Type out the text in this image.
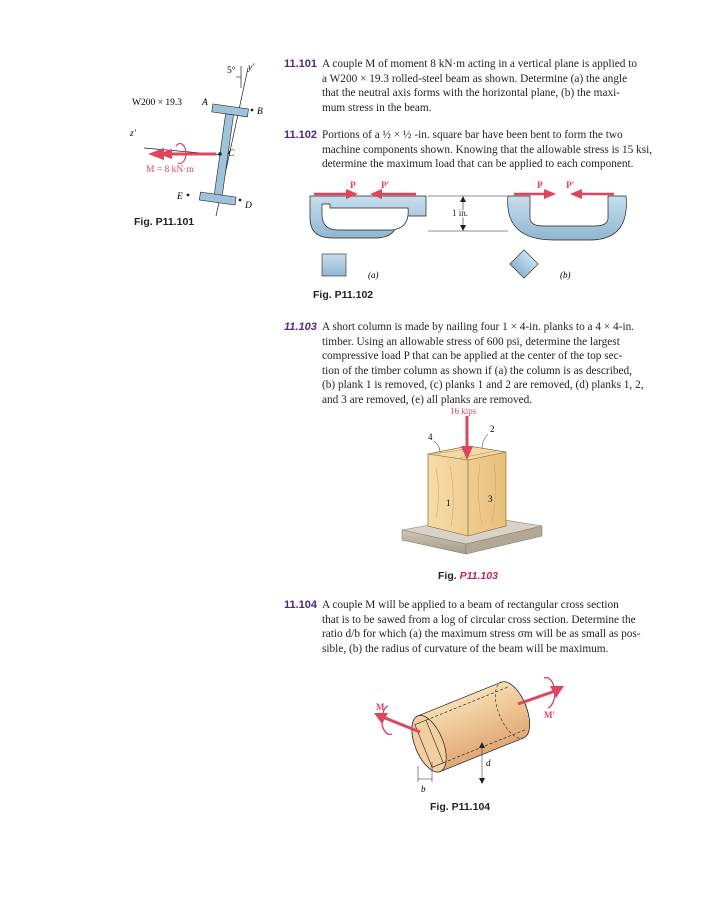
11.101 A couple M of moment 8 kN·m acting in a vertical plane is applied to
a W200 × 19.3 rolled-steel beam as shown. Determine (a) the angle
that the neutral axis forms with the horizontal plane, (b) the maxi-
mum stress in the beam.
11.102 Portions of a ½ × ½ -in. square bar have been bent to form the two
machine components shown. Knowing that the allowable stress is 15 ksi,
determine the maximum load that can be applied to each component.
11.103 A short column is made by nailing four 1 × 4-in. planks to a 4 × 4-in.
timber. Using an allowable stress of 600 psi, determine the largest
compressive load P that can be applied at the center of the top sec-
tion of the timber column as shown if (a) the column is as described,
(b) plank 1 is removed, (c) planks 1 and 2 are removed, (d) planks 1, 2,
and 3 are removed, (e) all planks are removed.
11.104 A couple M will be applied to a beam of rectangular cross section
that is to be sawed from a log of circular cross section. Determine the
ratio d/b for which (a) the maximum stress σm will be as small as pos-
sible, (b) the radius of curvature of the beam will be maximum.
W200 × 19.3
5° y′
z′
A
B
C
D
E
M = 8 kN·m
Fig. P11.101
P	P′
1 in.
P P′
(a)	(b)
Fig. P11.102
16 kips
1
2
3
4
Fig. P11.103
M
M′
b
d
Fig. P11.104
